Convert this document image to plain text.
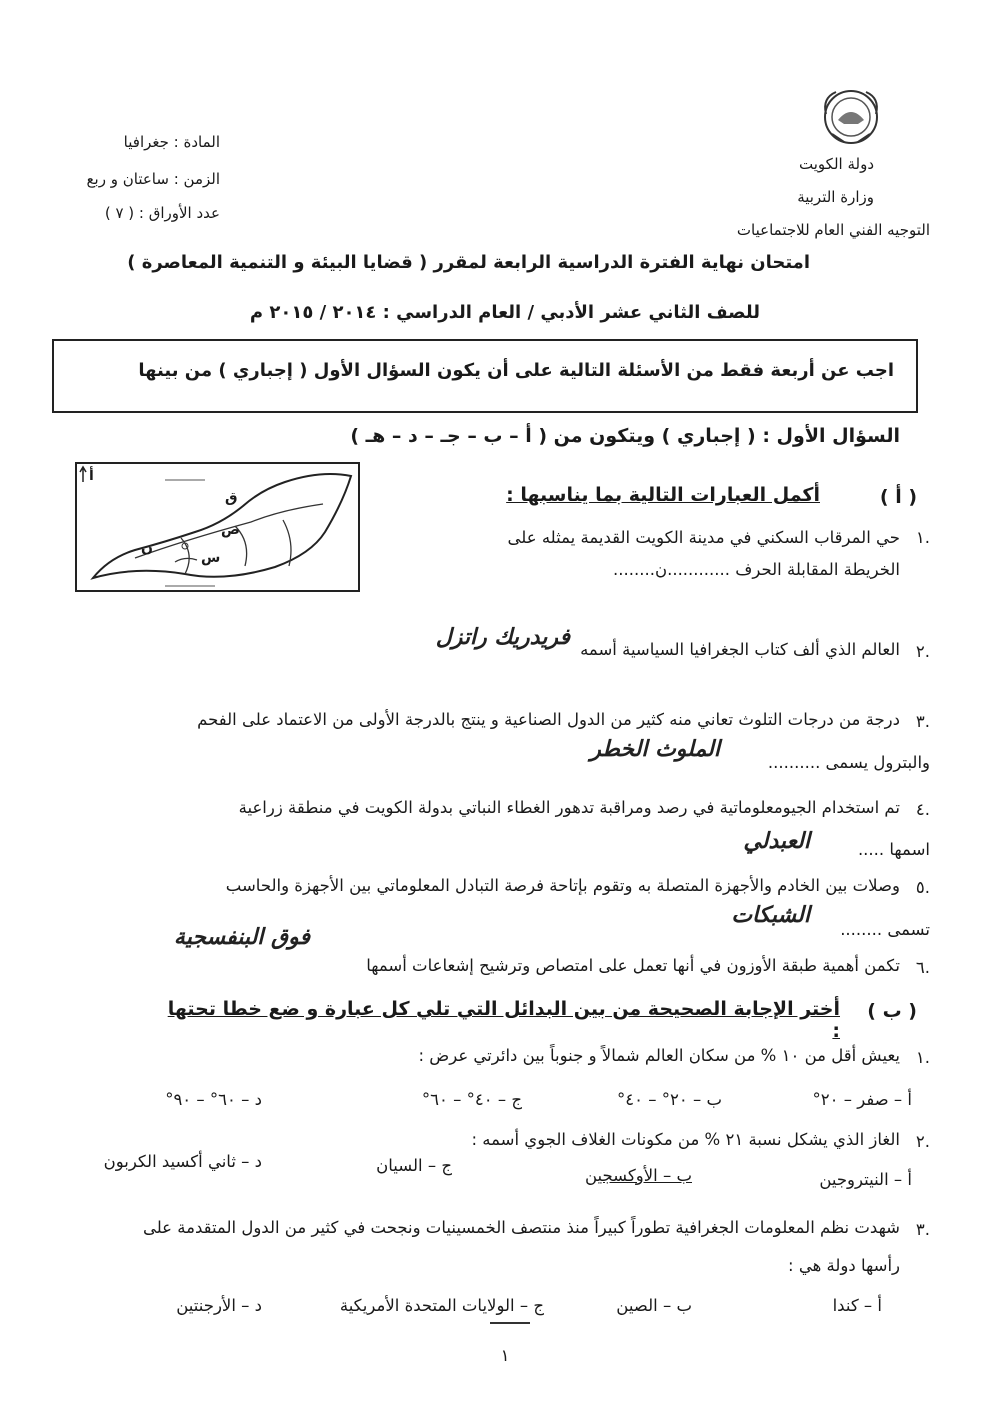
دولة الكويت
وزارة التربية
التوجيه الفني العام للاجتماعيات
المادة : جغرافيا
الزمن : ساعتان و ربع
عدد الأوراق : ( ٧ )
امتحان نهاية الفترة الدراسية الرابعة لمقرر ( قضايا البيئة و التنمية المعاصرة )
للصف الثاني عشر الأدبي / العام الدراسي : ٢٠١٤ / ٢٠١٥ م
اجب عن أربعة فقط من الأسئلة التالية على أن يكون السؤال الأول ( إجباري ) من بينها
السؤال الأول : ( إجباري ) ويتكون من ( أ – ب – جـ – د – هـ )
أ
ق
ص
س
ن
( أ )
أكمل العبارات التالية بما يناسبها :
١.
حي المرقاب السكني في مدينة الكويت القديمة يمثله على
الخريطة المقابلة الحرف ............ن........
٢.
العالم الذي ألف كتاب الجغرافيا السياسية أسمه
فريدريك راتزل
٣.
درجة من درجات التلوث تعاني منه كثير من الدول الصناعية و ينتج بالدرجة الأولى من الاعتماد على الفحم
والبترول يسمى ..........
الملوث الخطر
٤.
تم استخدام الجيومعلوماتية في رصد ومراقبة تدهور الغطاء النباتي بدولة الكويت في منطقة زراعية
اسمها .....
العبدلي
٥.
وصلات بين الخادم والأجهزة المتصلة به وتقوم بإتاحة فرصة التبادل المعلوماتي بين الأجهزة والحاسب
تسمى ........
الشبكات
٦.
تكمن أهمية طبقة الأوزون في أنها تعمل على امتصاص وترشيح إشعاعات أسمها
فوق البنفسجية
( ب )
أختر الإجابة الصحيحة من بين البدائل التي تلي كل عبارة و ضع خطا تحتها :
١.
يعيش أقل من ١٠ % من سكان العالم شمالاً و جنوباً بين دائرتي عرض :
أ – صفر – ٢٠°
ب – ٢٠° – ٤٠°
ج – ٤٠° – ٦٠°
د – ٦٠° – ٩٠°
٢.
الغاز الذي يشكل نسبة ٢١ % من مكونات الغلاف الجوي أسمه :
أ – النيتروجين
ب – الأوكسجين
ج – السيان
د – ثاني أكسيد الكربون
٣.
شهدت نظم المعلومات الجغرافية تطوراً كبيراً منذ منتصف الخمسينيات ونجحت في كثير من الدول المتقدمة على
رأسها دولة هي :
أ – كندا
ب – الصين
ج – الولايات المتحدة الأمريكية
د – الأرجنتين
١
